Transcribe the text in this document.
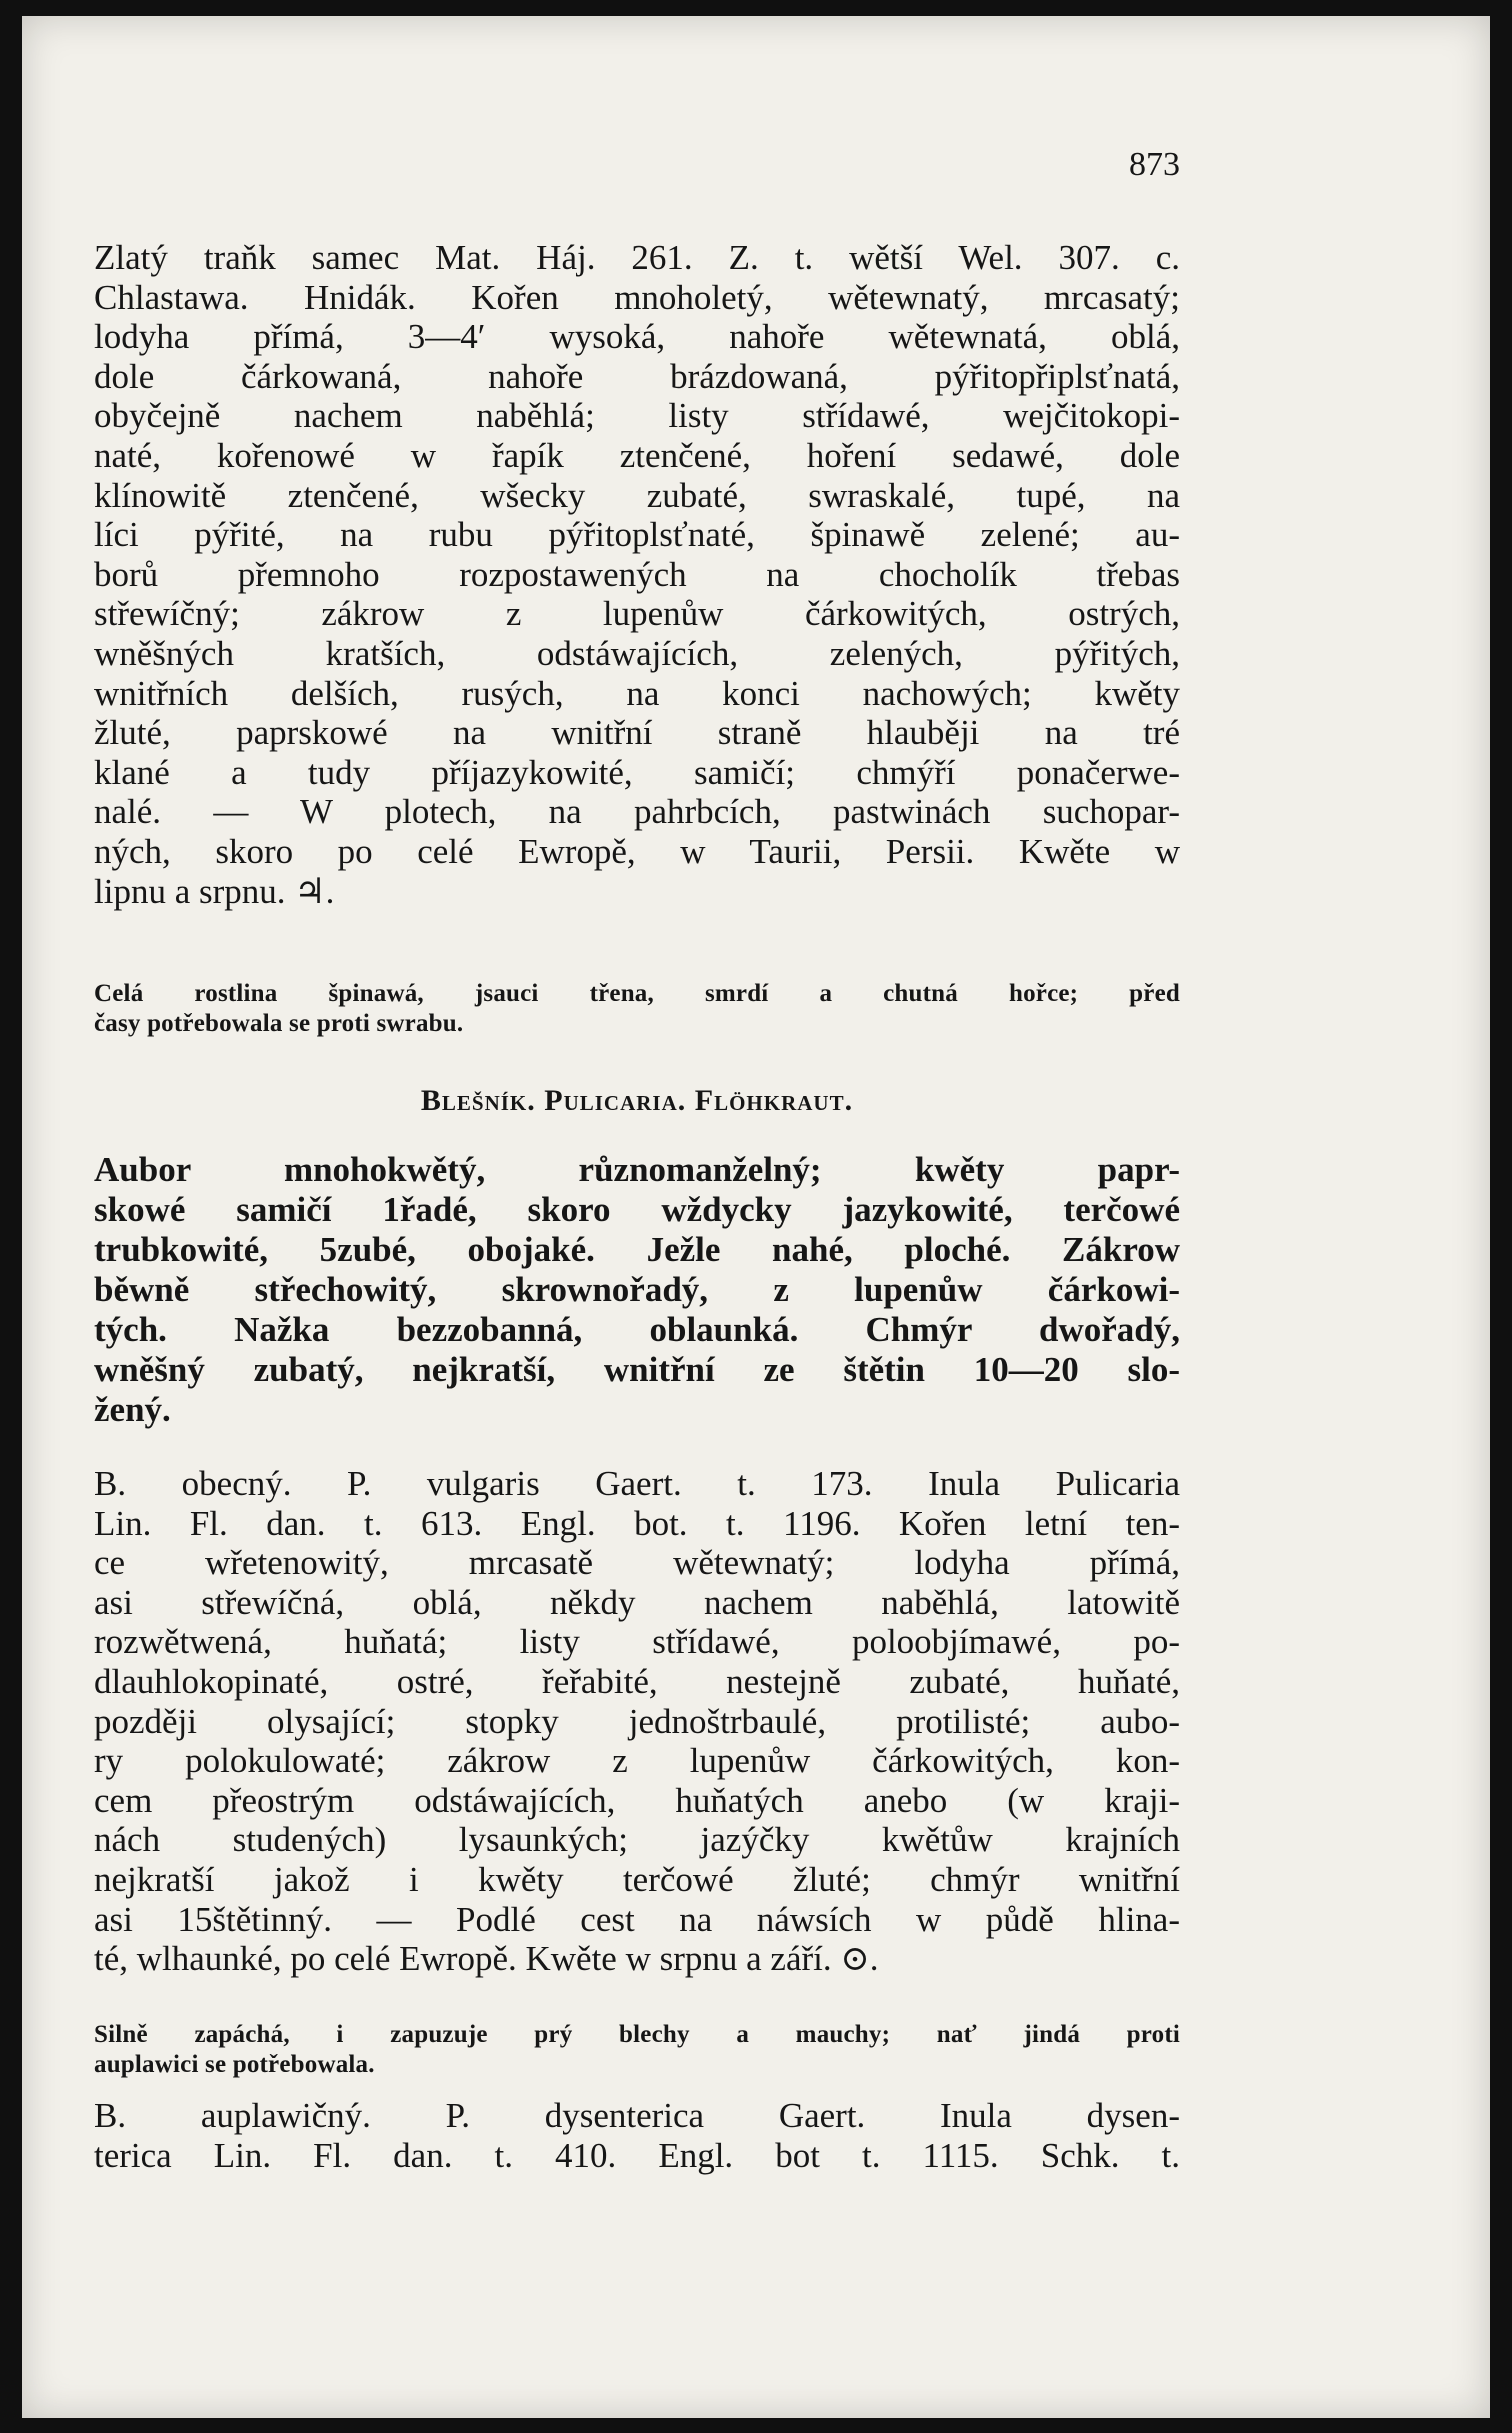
873
Zlatý traňk samec Mat. Háj. 261. Z. t. wětší Wel. 307. c.
Chlastawa. Hnidák. Kořen mnoholetý, wětewnatý, mrcasatý;
lodyha přímá, 3—4′ wysoká, nahoře wětewnatá, oblá,
dole čárkowaná, nahoře brázdowaná, pýřitopřiplsťnatá,
obyčejně nachem naběhlá; listy střídawé, wejčitokopi-
naté, kořenowé w řapík ztenčené, hoření sedawé, dole
klínowitě ztenčené, wšecky zubaté, swraskalé, tupé, na
líci pýřité, na rubu pýřitoplsťnaté, špinawě zelené; au-
borů přemnoho rozpostawených na chocholík třebas
střewíčný; zákrow z lupenůw čárkowitých, ostrých,
wněšných kratších, odstáwajících, zelených, pýřitých,
wnitřních delších, rusých, na konci nachowých; kwěty
žluté, paprskowé na wnitřní straně hlauběji na tré
klané a tudy příjazykowité, samičí; chmýří ponačerwe-
nalé. — W plotech, na pahrbcích, pastwinách suchopar-
ných, skoro po celé Ewropě, w Taurii, Persii. Kwěte w
lipnu a srpnu. ♃.
Celá rostlina špinawá, jsauci třena, smrdí a chutná hořce; před
časy potřebowala se proti swrabu.
Blešník. Pulicaria. Flöhkraut.
Aubor mnohokwětý, různomanželný; kwěty papr-
skowé samičí 1řadé, skoro wždycky jazykowité, terčowé
trubkowité, 5zubé, obojaké. Ježle nahé, ploché. Zákrow
běwně střechowitý, skrownořadý, z lupenůw čárkowi-
tých. Nažka bezzobanná, oblaunká. Chmýr dwořadý,
wněšný zubatý, nejkratší, wnitřní ze štětin 10—20 slo-
žený.
B. obecný. P. vulgaris Gaert. t. 173. Inula Pulicaria
Lin. Fl. dan. t. 613. Engl. bot. t. 1196. Kořen letní ten-
ce wřetenowitý, mrcasatě wětewnatý; lodyha přímá,
asi střewíčná, oblá, někdy nachem naběhlá, latowitě
rozwětwená, huňatá; listy střídawé, poloobjímawé, po-
dlauhlokopinaté, ostré, řeřabité, nestejně zubaté, huňaté,
později olysající; stopky jednoštrbaulé, protilisté; aubo-
ry polokulowaté; zákrow z lupenůw čárkowitých, kon-
cem přeostrým odstáwajících, huňatých anebo (w kraji-
nách studených) lysaunkých; jazýčky kwětůw krajních
nejkratší jakož i kwěty terčowé žluté; chmýr wnitřní
asi 15štětinný. — Podlé cest na náwsích w půdě hlina-
té, wlhaunké, po celé Ewropě. Kwěte w srpnu a září. ⊙.
Silně zapáchá, i zapuzuje prý blechy a mauchy; nať jindá proti
auplawici se potřebowala.
B. auplawičný. P. dysenterica Gaert. Inula dysen-
terica Lin. Fl. dan. t. 410. Engl. bot t. 1115. Schk. t.
